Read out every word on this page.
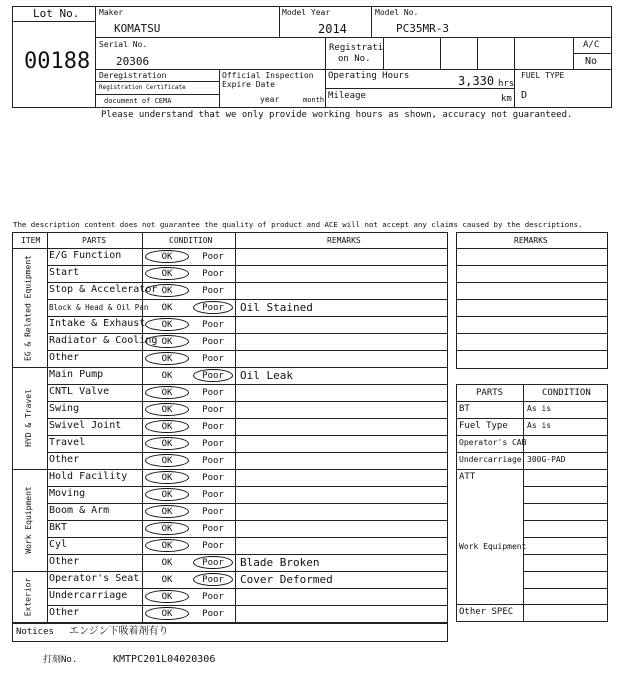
Lot No.
00188
Maker
KOMATSU
Model Year
2014
Model No.
PC35MR-3
Serial No.
20306
Registrati
on No.
A/C
No
Deregistration
Registration Certificate
document of CEMA
Official Inspection
Expire Date
year	month
Operating Hours	3,330 hrs
Mileage	km
FUEL TYPE
D
Please understand that we only provide working hours as shown, accuracy not guaranteed.
The description content does not guarantee the quality of product and ACE will not accept any claims caused by the descriptions.
E/G Function	OK	Poor
Start	OK	Poor
Stop & Accelerator OK	Poor
Block & Head & Oil Pan	OK	Poor	Oil Stained
Intake & Exhaust	OK	Poor
Radiator & Cooling OK	Poor
Other	OK	Poor
EG & Related Equipment
Main Pump	OK	Poor	Oil Leak
CNTL Valve	OK	Poor
Swing	OK	Poor
Swivel Joint	OK	Poor
Travel	OK	Poor
Other	OK	Poor
HYD & Travel
Hold Facility	OK	Poor
Moving	OK	Poor
Boom & Arm	OK	Poor
BKT	OK	Poor
Cyl	OK	Poor
Other	OK	Poor	Blade Broken
Work Equipment
Operator's Seat	OK	Poor	Cover Deformed
Undercarriage	OK	Poor
Other	OK	Poor
Exterior
ITEM	PARTS	CONDITION	REMARKS	REMARKS
PARTS	CONDITION
BT	As is
Fuel Type As is
Operator's CAB
Undercarriage 300G-PAD
ATT
Work Equipment
Other SPEC
Notices エンジン下吸着剤有り
打刻No.	KMTPC201L04020306
